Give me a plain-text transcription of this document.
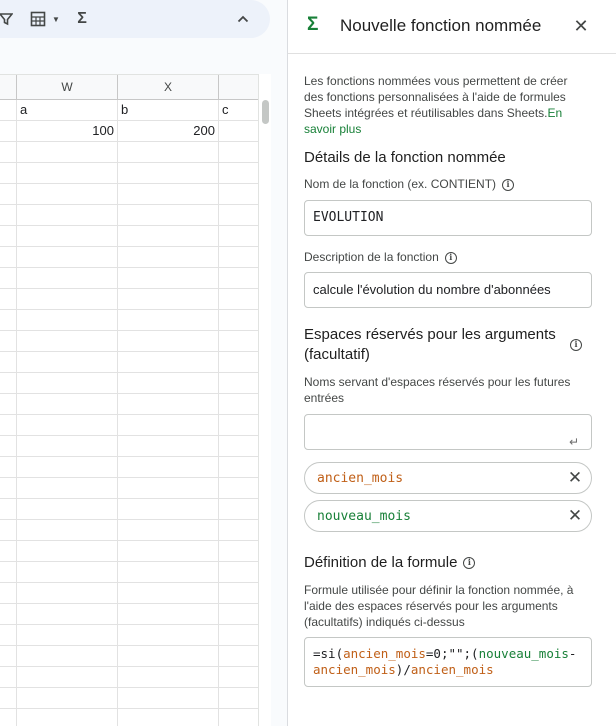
▼	Σ
W	X
a	b	c
100	200
Σ Nouvelle fonction nommée ✕
Les fonctions nommées vous permettent de créer des fonctions personnalisées à l'aide de formules Sheets intégrées et réutilisables dans Sheets.En savoir plus
Détails de la fonction nommée
Nom de la fonction (ex. CONTIENT) i
EVOLUTION
Description de la fonction i
calcule l'évolution du nombre d'abonnées
Espaces réservés pour les arguments (facultatif)
i
Noms servant d'espaces réservés pour les futures entrées
↵
ancien_mois	✕
nouveau_mois	✕
Définition de la formule i
Formule utilisée pour définir la fonction nommée, à l'aide des espaces réservés pour les arguments (facultatifs) indiqués ci-dessus
=si(ancien_mois=0;"";(nouveau_mois-
ancien_mois)/ancien_mois
